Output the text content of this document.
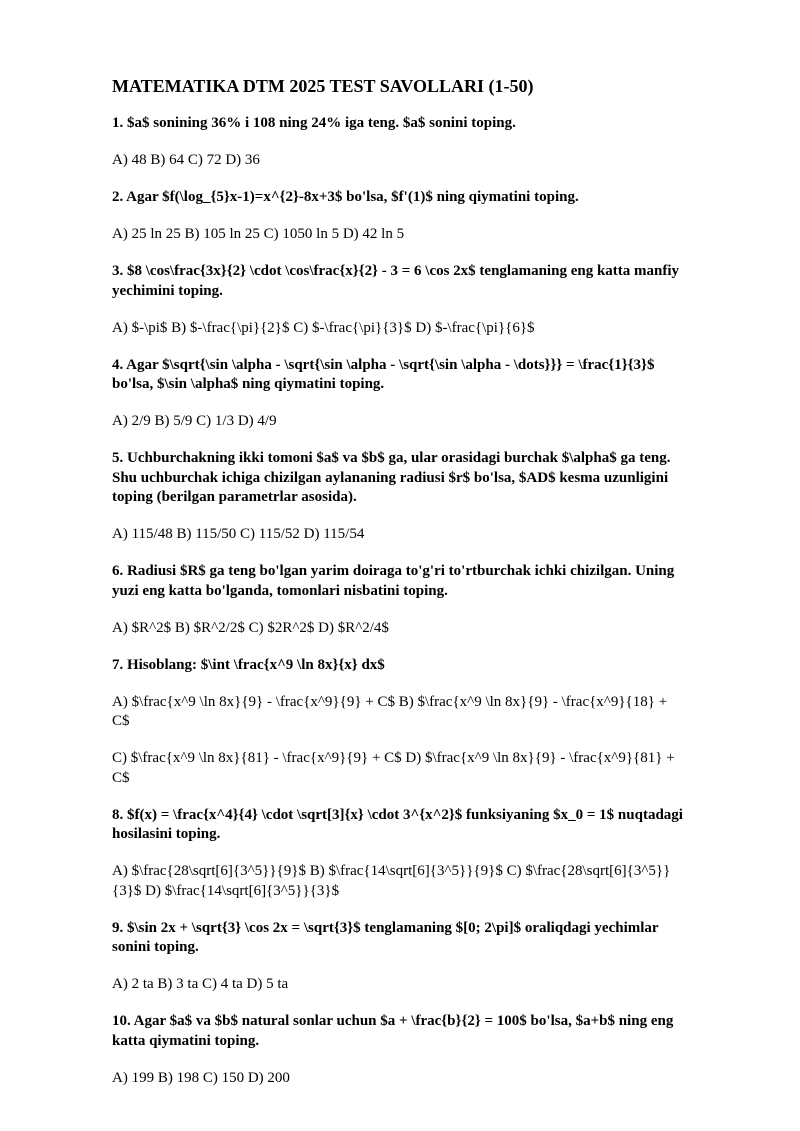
MATEMATIKA DTM 2025 TEST SAVOLLARI (1-50)

1. $a$ sonining 36% i 108 ning 24% iga teng. $a$ sonini toping.

A) 48 B) 64 C) 72 D) 36

2. Agar $f(\log_{5}x-1)=x^{2}-8x+3$ bo'lsa, $f'(1)$ ning qiymatini toping.

A) 25 ln 25 B) 105 ln 25 C) 1050 ln 5 D) 42 ln 5

3. $8 \cos\frac{3x}{2} \cdot \cos\frac{x}{2} - 3 = 6 \cos 2x$ tenglamaning eng katta manfiy yechimini toping.

A) $-\pi$ B) $-\frac{\pi}{2}$ C) $-\frac{\pi}{3}$ D) $-\frac{\pi}{6}$

4. Agar $\sqrt{\sin \alpha - \sqrt{\sin \alpha - \sqrt{\sin \alpha - \dots}}} = \frac{1}{3}$ bo'lsa, $\sin \alpha$ ning qiymatini toping.

A) 2/9 B) 5/9 C) 1/3 D) 4/9

5. Uchburchakning ikki tomoni $a$ va $b$ ga, ular orasidagi burchak $\alpha$ ga teng. Shu uchburchak ichiga chizilgan aylananing radiusi $r$ bo'lsa, $AD$ kesma uzunligini toping (berilgan parametrlar asosida).

A) 115/48 B) 115/50 C) 115/52 D) 115/54

6. Radiusi $R$ ga teng bo'lgan yarim doiraga to'g'ri to'rtburchak ichki chizilgan. Uning yuzi eng katta bo'lganda, tomonlari nisbatini toping.

A) $R^2$ B) $R^2/2$ C) $2R^2$ D) $R^2/4$

7. Hisoblang: $\int \frac{x^9 \ln 8x}{x} dx$

A) $\frac{x^9 \ln 8x}{9} - \frac{x^9}{9} + C$ B) $\frac{x^9 \ln 8x}{9} - \frac{x^9}{18} + C$

C) $\frac{x^9 \ln 8x}{81} - \frac{x^9}{9} + C$ D) $\frac{x^9 \ln 8x}{9} - \frac{x^9}{81} + C$

8. $f(x) = \frac{x^4}{4} \cdot \sqrt[3]{x} \cdot 3^{x^2}$ funksiyaning $x_0 = 1$ nuqtadagi hosilasini toping.

A) $\frac{28\sqrt[6]{3^5}}{9}$ B) $\frac{14\sqrt[6]{3^5}}{9}$ C) $\frac{28\sqrt[6]{3^5}}{3}$ D) $\frac{14\sqrt[6]{3^5}}{3}$

9. $\sin 2x + \sqrt{3} \cos 2x = \sqrt{3}$ tenglamaning $[0; 2\pi]$ oraliqdagi yechimlar sonini toping.

A) 2 ta B) 3 ta C) 4 ta D) 5 ta

10. Agar $a$ va $b$ natural sonlar uchun $a + \frac{b}{2} = 100$ bo'lsa, $a+b$ ning eng katta qiymatini toping.

A) 199 B) 198 C) 150 D) 200
